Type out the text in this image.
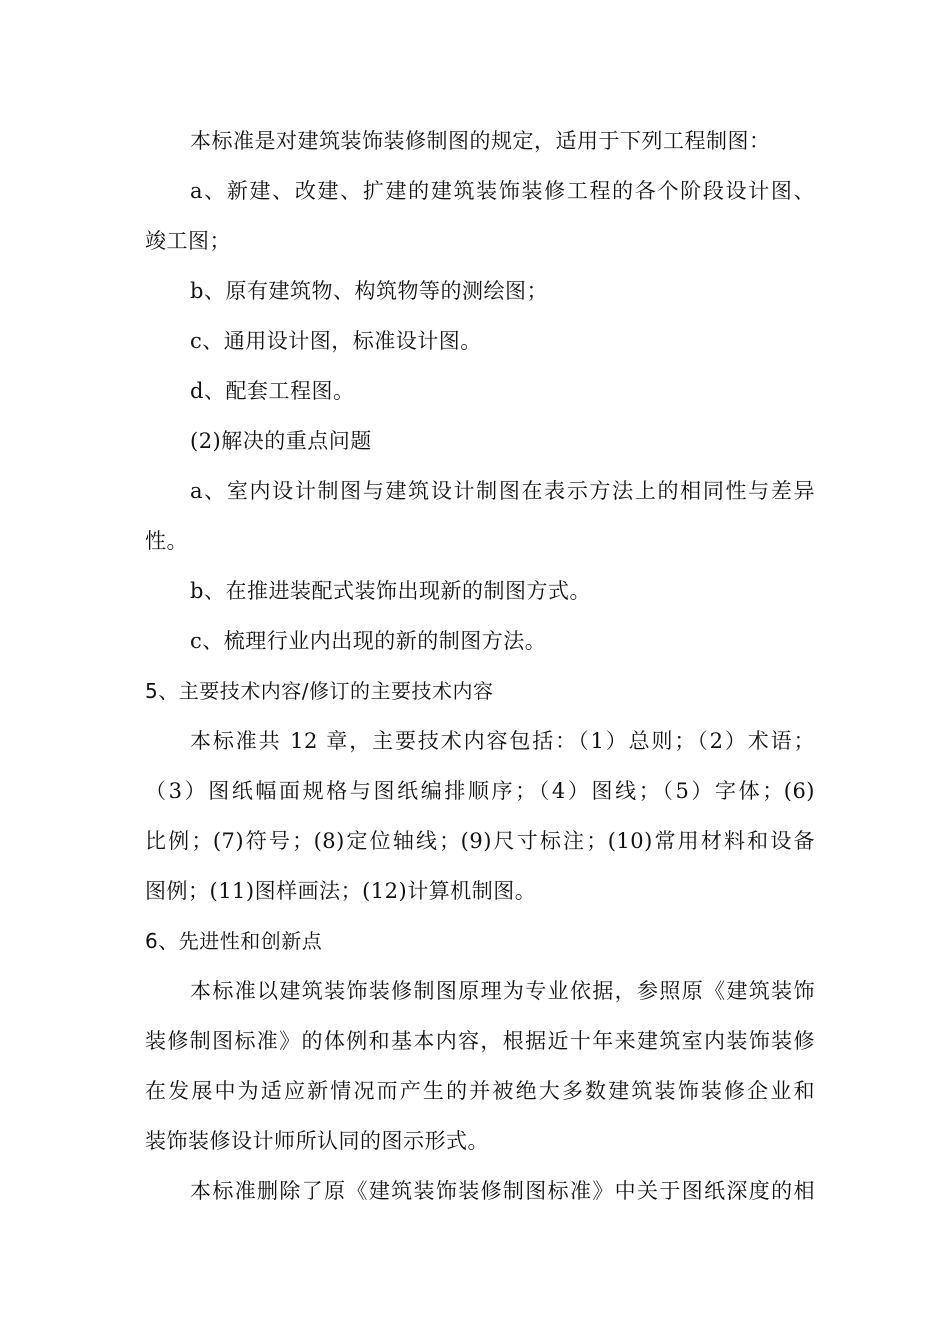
本标准是对建筑装饰装修制图的规定，适用于下列工程制图：
a、新建、改建、扩建的建筑装饰装修工程的各个阶段设计图、
竣工图；
b、原有建筑物、构筑物等的测绘图；
c、通用设计图，标准设计图。
d、配套工程图。
(2)解决的重点问题
a、室内设计制图与建筑设计制图在表示方法上的相同性与差异
性。
b、在推进装配式装饰出现新的制图方式。
c、梳理行业内出现的新的制图方法。
5、主要技术内容/修订的主要技术内容
本标准共 12 章，主要技术内容包括：（1）总则；（2）术语；
（3）图纸幅面规格与图纸编排顺序；（4）图线；（5）字体；(6)
比例；(7)符号；(8)定位轴线；(9)尺寸标注；(10)常用材料和设备
图例；(11)图样画法；(12)计算机制图。
6、先进性和创新点
本标准以建筑装饰装修制图原理为专业依据，参照原《建筑装饰
装修制图标准》的体例和基本内容，根据近十年来建筑室内装饰装修
在发展中为适应新情况而产生的并被绝大多数建筑装饰装修企业和
装饰装修设计师所认同的图示形式。
本标准删除了原《建筑装饰装修制图标准》中关于图纸深度的相
